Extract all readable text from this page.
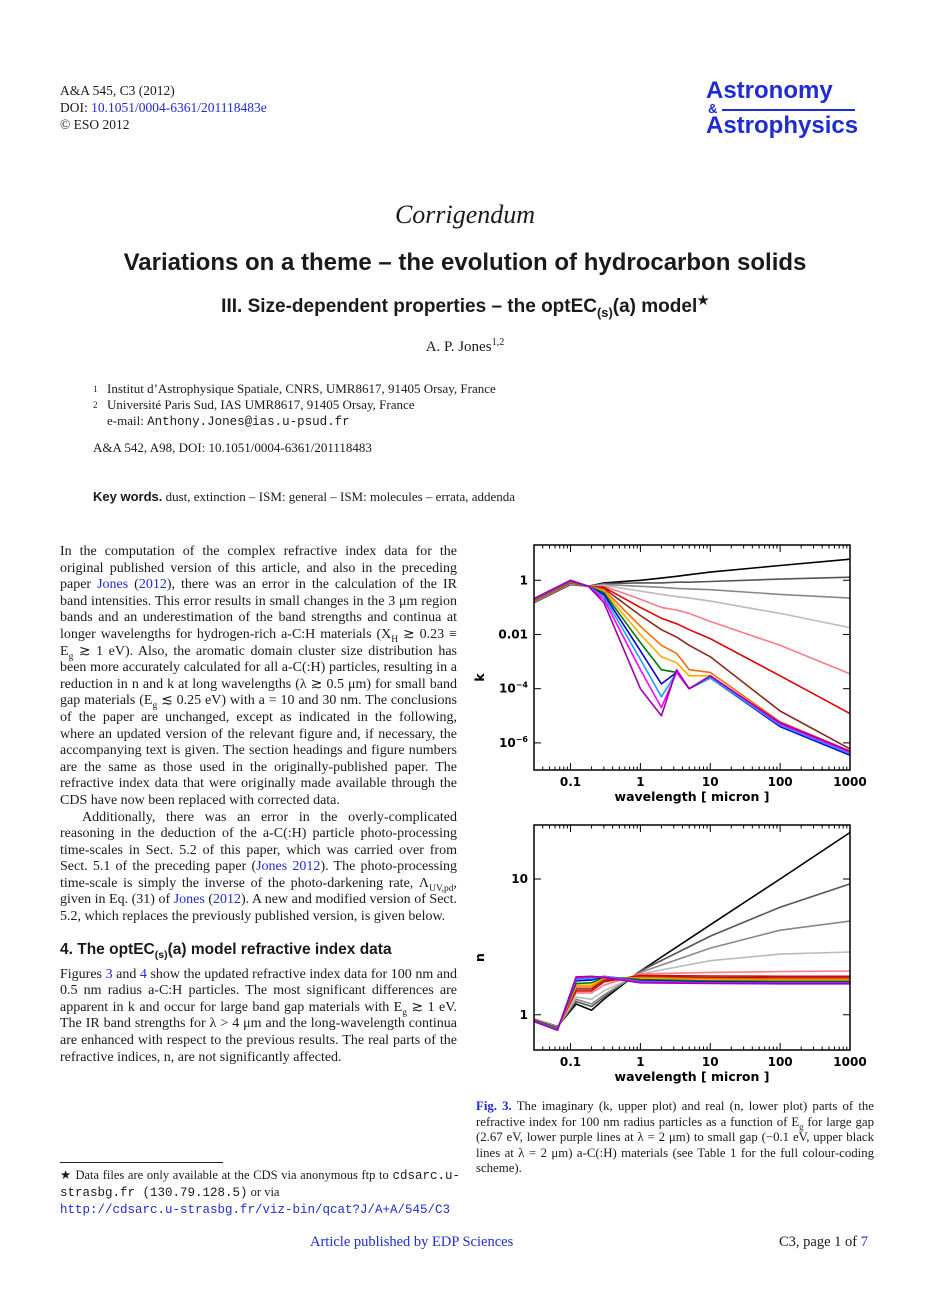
A&A 545, C3 (2012)
DOI: 10.1051/0004-6361/201118483e
© ESO 2012
Astronomy
&
Astrophysics
Corrigendum
Variations on a theme – the evolution of hydrocarbon solids
III. Size-dependent properties – the optEC$_{(s)}$(a) model★
A. P. Jones$^{1,2}$
1 Institut d’Astrophysique Spatiale, CNRS, UMR8617, 91405 Orsay, France
2 Université Paris Sud, IAS UMR8617, 91405 Orsay, France
e-mail: Anthony.Jones@ias.u-psud.fr
A&A 542, A98, DOI: 10.1051/0004-6361/201118483
Key words. dust, extinction – ISM: general – ISM: molecules – errata, addenda

In the computation of the complex refractive index data for the original published version of this article, and also in the preceding paper Jones (2012), there was an error in the calculation of the IR band intensities. This error results in small changes in the 3 μm region bands and an underestimation of the band strengths and continua at longer wavelengths for hydrogen-rich a-C:H materials ($X_H$ ≳ $0.23 \equiv E_g$ ≳ 1 eV). Also, the aromatic domain cluster size distribution has been more accurately calculated for all a-C(:H) particles, resulting in a reduction in n and k at long wavelengths (λ ≳ 0.5 μm) for small band gap materials ($E_g$ ≲ 0.25 eV) with a = 10 and 30 nm. The conclusions of the paper are unchanged, except as indicated in the following, where an updated version of the relevant figure and, if necessary, the accompanying text is given. The section headings and figure numbers are the same as those used in the originally-published paper. The refractive index data that were originally made available through the CDS have now been replaced with corrected data.

Additionally, there was an error in the overly-complicated reasoning in the deduction of the a-C(:H) particle photo-processing time-scales in Sect. 5.2 of this paper, which was carried over from Sect. 5.1 of the preceding paper (Jones 2012). The photo-processing time-scale is simply the inverse of the photo-darkening rate, $\Lambda_{UV,pd}$, given in Eq. (31) of Jones (2012). A new and modified version of Sect. 5.2, which replaces the previously published version, is given below.

4. The optEC$_{(s)}$(a) model refractive index data

Figures 3 and 4 show the updated refractive index data for 100 nm and 0.5 nm radius a-C:H particles. The most significant differences are apparent in k and occur for large band gap materials with $E_g$ ≳ 1 eV. The IR band strengths for λ > 4 μm and the long-wavelength continua are enhanced with respect to the previous results. The real parts of the refractive indices, n, are not significantly affected.

★ Data files are only available at the CDS via anonymous ftp to cdsarc.u-strasbg.fr (130.79.128.5) or via
http://cdsarc.u-strasbg.fr/viz-bin/qcat?J/A+A/545/C3
0.1	1	10	100	1000
1
0.01
$10^{-4}$
$10^{-6}$
wavelength [ micron ]
k
0.1	1	10	100	1000
1
10
wavelength [ micron ]
n
Fig. 3. The imaginary (k, upper plot) and real (n, lower plot) parts of the refractive index for 100 nm radius particles as a function of $E_g$ for large gap (2.67 eV, lower purple lines at λ = 2 μm) to small gap (−0.1 eV, upper black lines at λ = 2 μm) a-C(:H) materials (see Table 1 for the full colour-coding scheme).
Article published by EDP Sciences	C3, page 1 of 7
